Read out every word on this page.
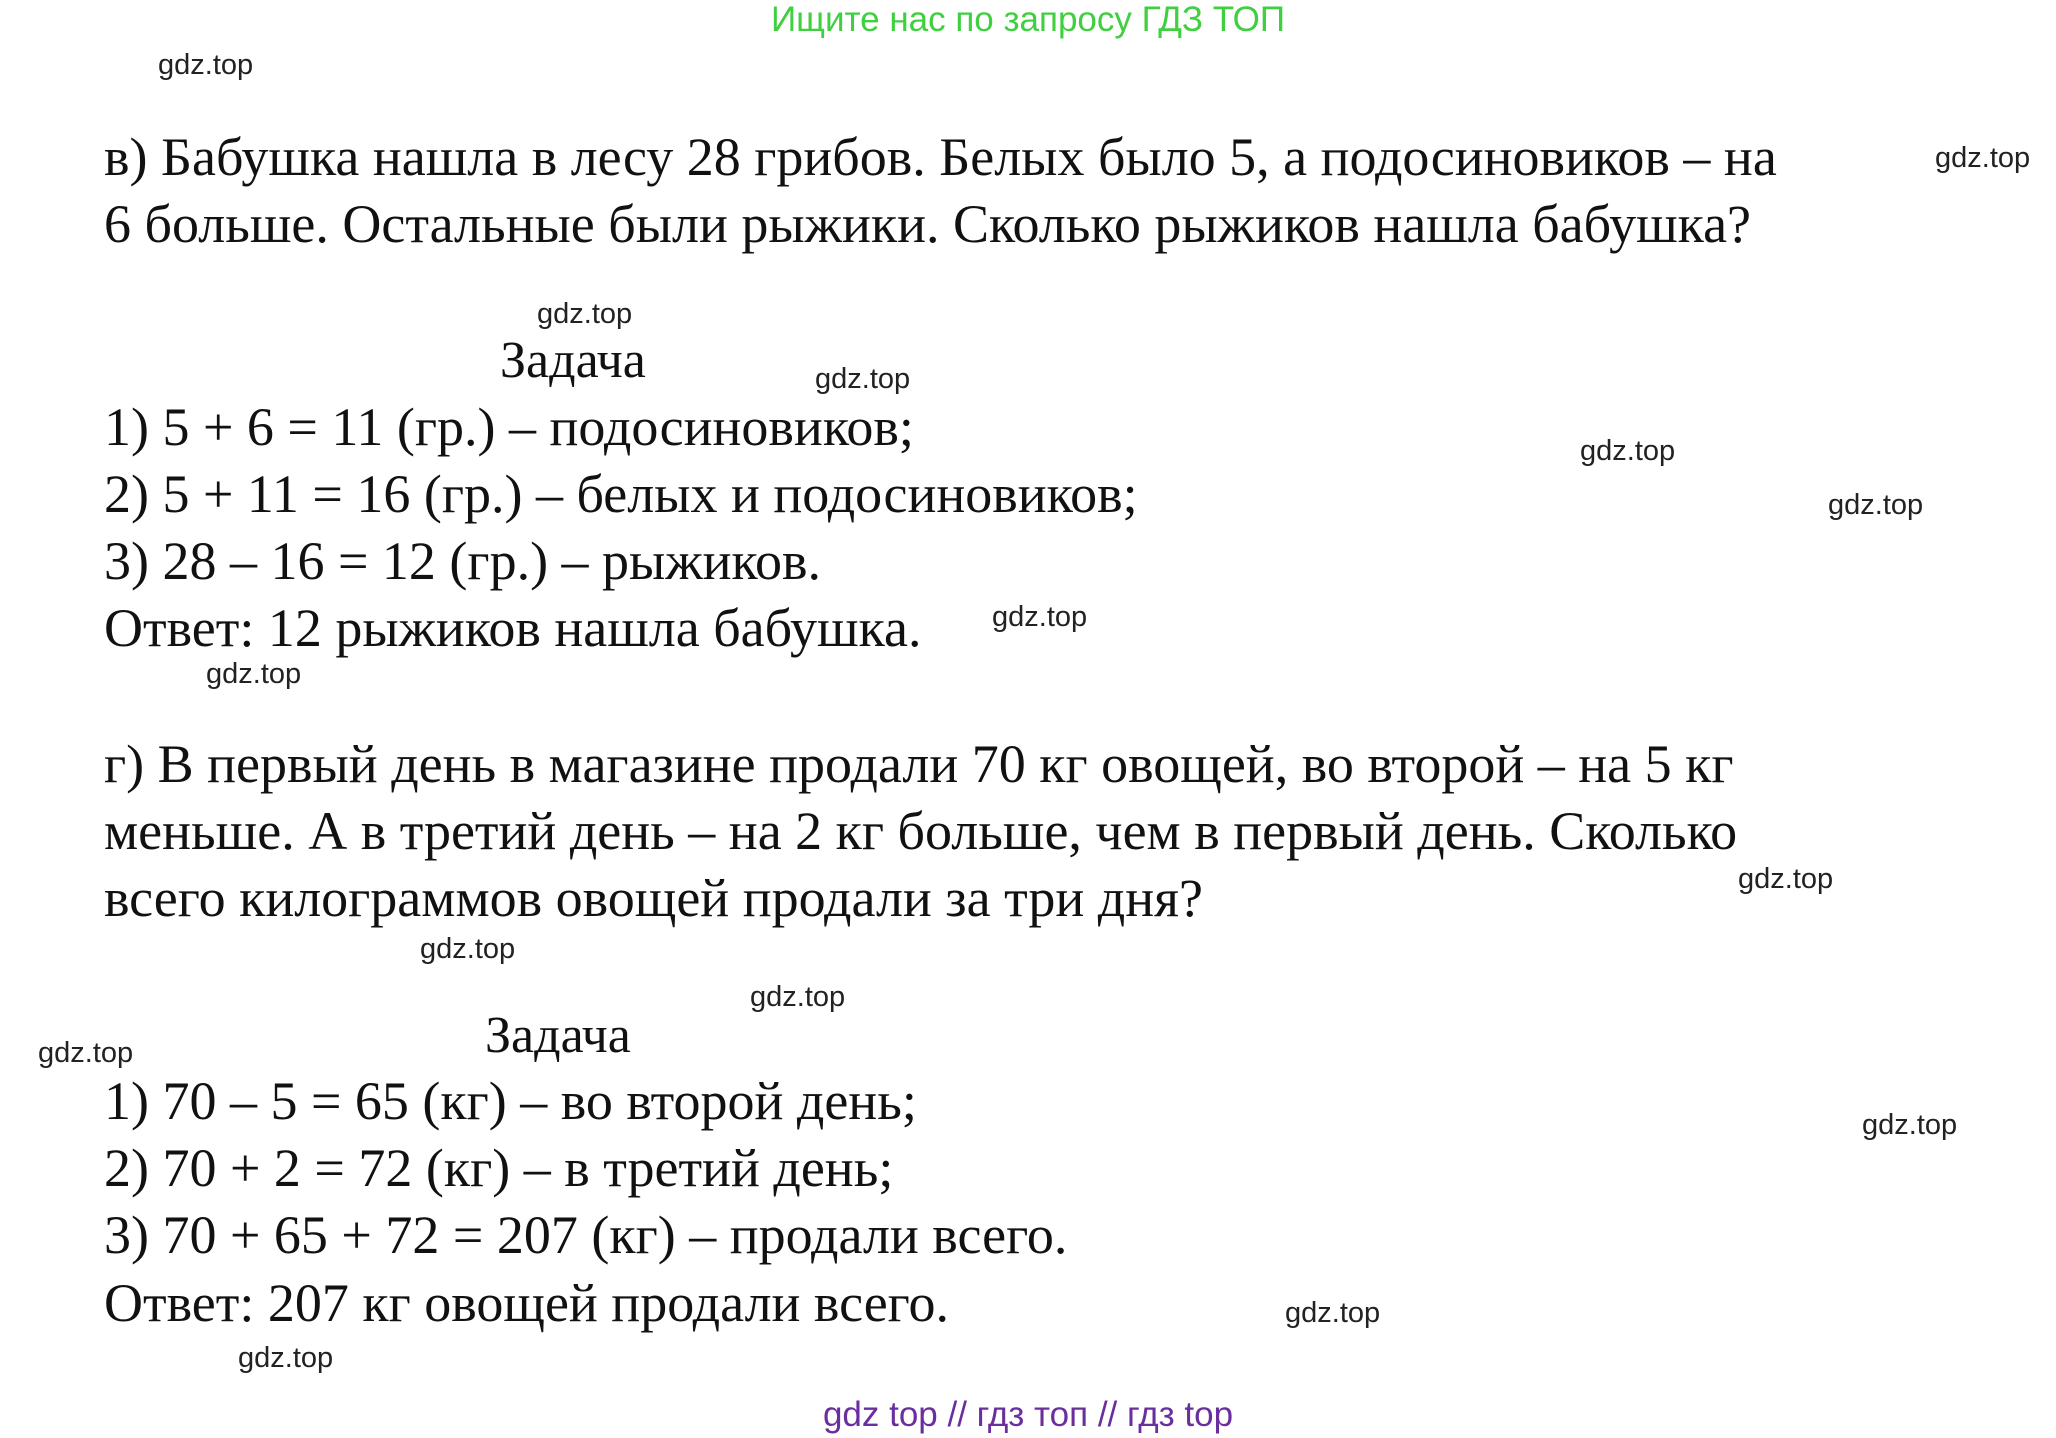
Ищите нас по запросу ГДЗ ТОП
в) Бабушка нашла в лесу 28 грибов. Белых было 5, а подосиновиков – на
6 больше. Остальные были рыжики. Сколько рыжиков нашла бабушка?
Задача
1) 5 + 6 = 11 (гр.) – подосиновиков;
2) 5 + 11 = 16 (гр.) – белых и подосиновиков;
3) 28 – 16 = 12 (гр.) – рыжиков.
Ответ: 12 рыжиков нашла бабушка.
г) В первый день в магазине продали 70 кг овощей, во второй – на 5 кг
меньше. А в третий день – на 2 кг больше, чем в первый день. Сколько
всего килограммов овощей продали за три дня?
Задача
1) 70 – 5 = 65 (кг) – во второй день;
2) 70 + 2 = 72 (кг) – в третий день;
3) 70 + 65 + 72 = 207 (кг) – продали всего.
Ответ: 207 кг овощей продали всего.
gdz.top
gdz.top
gdz.top
gdz.top
gdz.top
gdz.top
gdz.top
gdz.top
gdz.top
gdz.top
gdz.top
gdz.top
gdz.top
gdz.top
gdz.top
gdz top // гдз топ // гдз top
